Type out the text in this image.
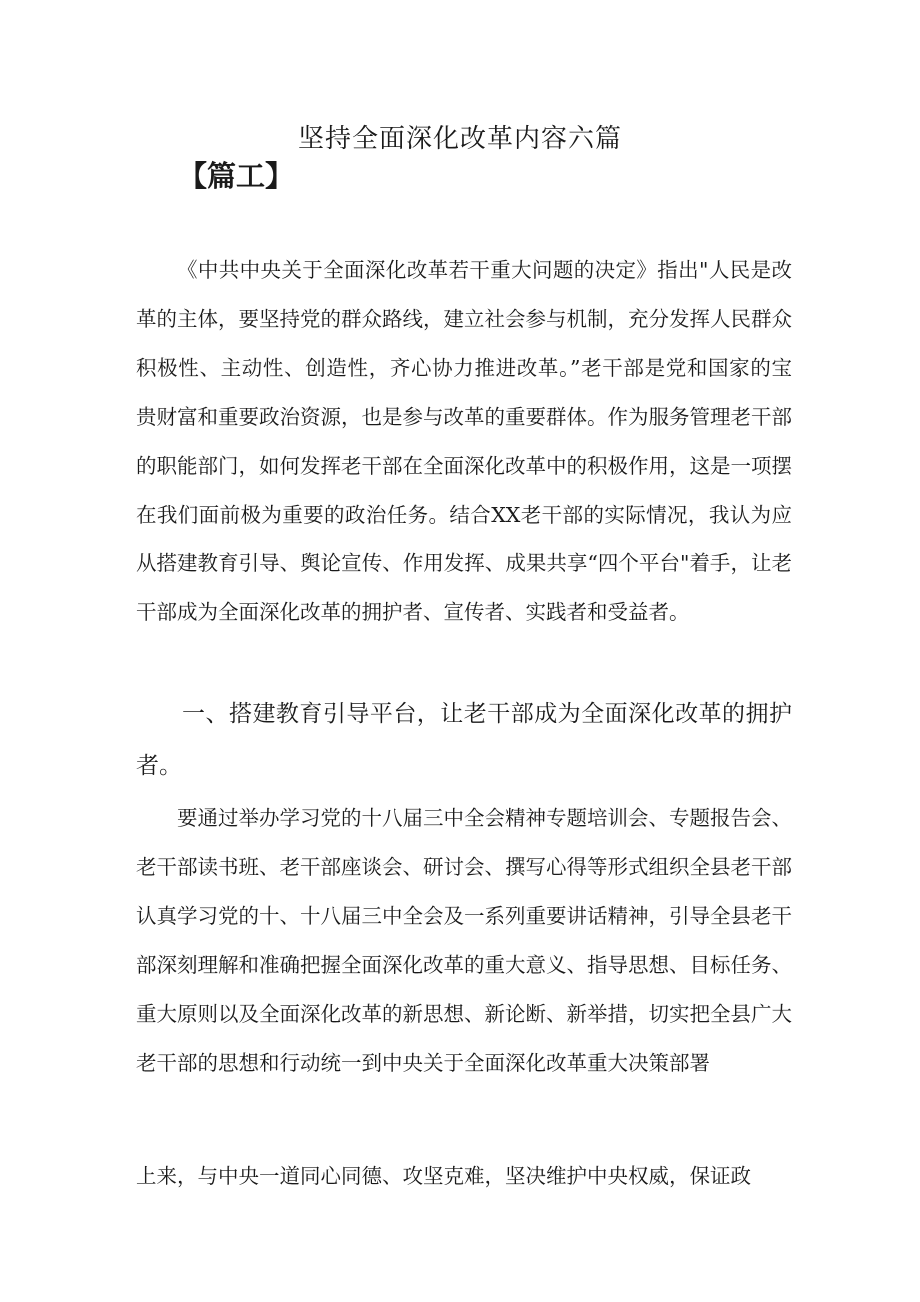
坚持全面深化改革内容六篇
【篇工】

《中共中央关于全面深化改革若干重大问题的决定》指出"人民是改革的主体，要坚持党的群众路线，建立社会参与机制，充分发挥人民群众积极性、主动性、创造性，齐心协力推进改革。”老干部是党和国家的宝贵财富和重要政治资源，也是参与改革的重要群体。作为服务管理老干部的职能部门，如何发挥老干部在全面深化改革中的积极作用，这是一项摆在我们面前极为重要的政治任务。结合XX老干部的实际情况，我认为应从搭建教育引导、舆论宣传、作用发挥、成果共享“四个平台"着手，让老干部成为全面深化改革的拥护者、宣传者、实践者和受益者。

一、搭建教育引导平台，让老干部成为全面深化改革的拥护者。

要通过举办学习党的十八届三中全会精神专题培训会、专题报告会、老干部读书班、老干部座谈会、研讨会、撰写心得等形式组织全县老干部认真学习党的十、十八届三中全会及一系列重要讲话精神，引导全县老干部深刻理解和准确把握全面深化改革的重大意义、指导思想、目标任务、重大原则以及全面深化改革的新思想、新论断、新举措，切实把全县广大老干部的思想和行动统一到中央关于全面深化改革重大决策部署

上来，与中央一道同心同德、攻坚克难，坚决维护中央权威，保证政
